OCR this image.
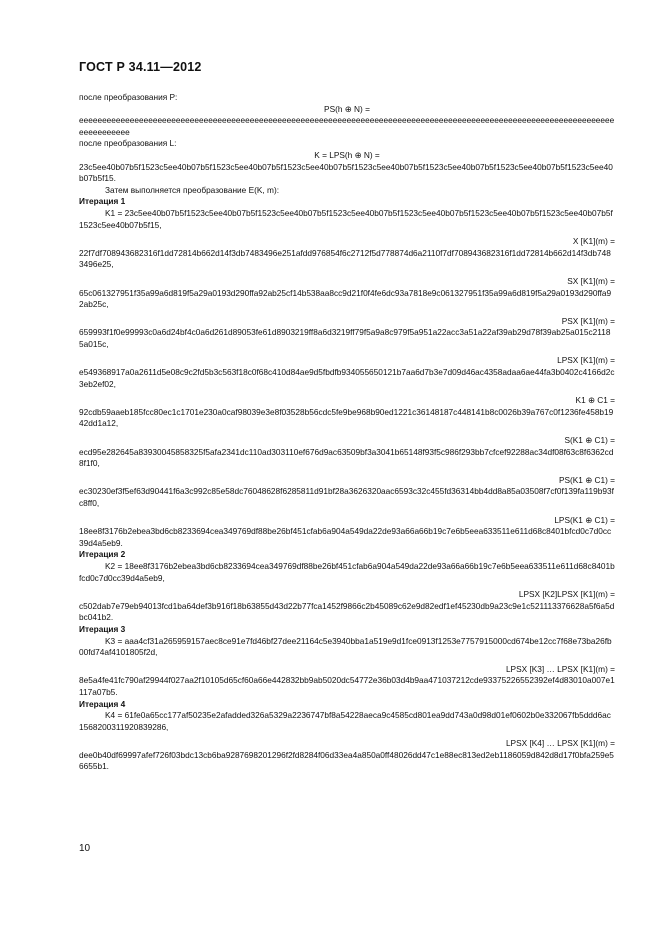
ГОСТ Р 34.11—2012

после преобразования P:

PS(h ⊕ N) =

eeeeeeeeeeeeeeeeeeeeeeeeeeeeeeeeeeeeeeeeeeeeeeeeeeeeeeeeeeeeeeeeeeeeeeeeeeeeeeeeeeeeeeeeeeeeeeeeeeeeeeeeeeeeeeeeeeeeeeeeeeeeeee

после преобразования L:

K = LPS(h ⊕ N) =

23c5ee40b07b5f1523c5ee40b07b5f1523c5ee40b07b5f1523c5ee40b07b5f1523c5ee40b07b5f1523c5ee40b07b5f1523c5ee40b07b5f1523c5ee40b07b5f15.

Затем выполняется преобразование E(K, m):

Итерация 1

K1 = 23c5ee40b07b5f1523c5ee40b07b5f1523c5ee40b07b5f1523c5ee40b07b5f1523c5ee40b07b5f1523c5ee40b07b5f1523c5ee40b07b5f1523c5ee40b07b5f15,

X [K1](m) =

22f7df708943682316f1dd72814b662d14f3db7483496e251afdd976854f6c2712f5d778874d6a2110f7df708943682316f1dd72814b662d14f3db7483496e25,

SX [K1](m) =

65c061327951f35a99a6d819f5a29a0193d290ffa92ab25cf14b538aa8cc9d21f0f4fe6dc93a7818e9c061327951f35a99a6d819f5a29a0193d290ffa92ab25c,

PSX [K1](m) =

659993f1f0e99993c0a6d24bf4c0a6d261d89053fe61d8903219ff8a6d3219ff79f5a9a8c979f5a951a22acc3a51a22af39ab29d78f39ab25a015c21185a015c,

LPSX [K1](m) =

e549368917a0a2611d5e08c9c2fd5b3c563f18c0f68c410d84ae9d5fbdfb934055650121b7aa6d7b3e7d09d46ac4358adaa6ae44fa3b0402c4166d2c3eb2ef02,

K1 ⊕ C1 =

92cdb59aaeb185fcc80ec1c1701e230a0caf98039e3e8f03528b56cdc5fe9be968b90ed1221c36148187c448141b8c0026b39a767c0f1236fe458b1942dd1a12,

S(K1 ⊕ C1) =

ecd95e282645a83930045858325f5afa2341dc110ad303110ef676d9ac63509bf3a3041b65148f93f5c986f293bb7cfcef92288ac34df08f63c8f6362cd8f1f0,

PS(K1 ⊕ C1) =

ec30230ef3f5ef63d90441f6a3c992c85e58dc76048628f6285811d91bf28a3626320aac6593c32c455fd36314bb4dd8a85a03508f7cf0f139fa119b93fc8ff0,

LPS(K1 ⊕ C1) =

18ee8f3176b2ebea3bd6cb8233694cea349769df88be26bf451cfab6a904a549da22de93a66a66b19c7e6b5eea633511e611d68c8401bfcd0c7d0cc39d4a5eb9.

Итерация 2

K2 = 18ee8f3176b2ebea3bd6cb8233694cea349769df88be26bf451cfab6a904a549da22de93a66a66b19c7e6b5eea633511e611d68c8401bfcd0c7d0cc39d4a5eb9,

LPSX [K2]LPSX [K1](m) =

c502dab7e79eb94013fcd1ba64def3b916f18b63855d43d22b77fca1452f9866c2b45089c62e9d82edf1ef45230db9a23c9e1c521113376628a5f6a5dbc041b2.

Итерация 3

K3 = aaa4cf31a265959157aec8ce91e7fd46bf27dee21164c5e3940bba1a519e9d1fce0913f1253e7757915000cd674be12cc7f68e73ba26fb00fd74af4101805f2d,

LPSX [K3] … LPSX [K1](m) =

8e5a4fe41fc790af29944f027aa2f10105d65cf60a66e442832bb9ab5020dc54772e36b03d4b9aa471037212cde93375226552392ef4d83010a007e1117a07b5.

Итерация 4

K4 = 61fe0a65cc177af50235e2afadded326a5329a2236747bf8a54228aeca9c4585cd801ea9dd743a0d98d01ef0602b0e332067fb5ddd6ac1568200311920839286,

LPSX [K4] … LPSX [K1](m) =

dee0b40df69997afef726f03bdc13cb6ba9287698201296f2fd8284f06d33ea4a850a0ff48026dd47c1e88ec813ed2eb1186059d842d8d17f0bfa259e56655b1.

10
